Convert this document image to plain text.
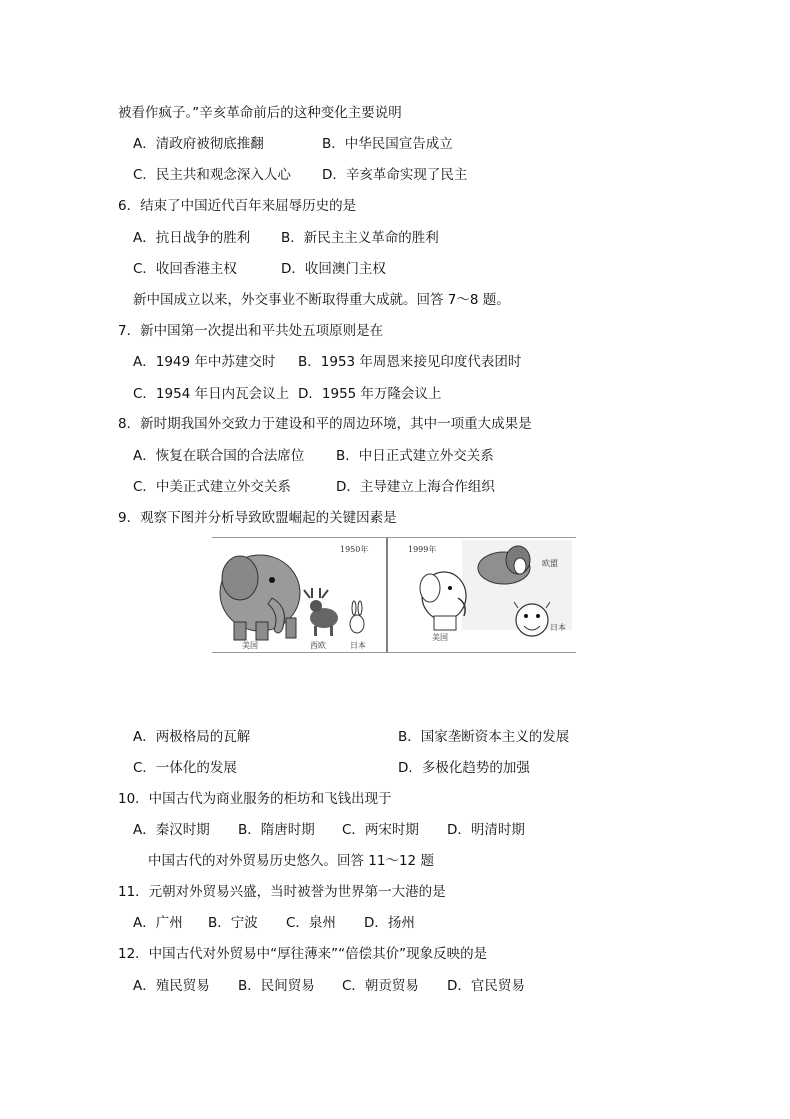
被看作疯子。”辛亥革命前后的这种变化主要说明
A．清政府被彻底推翻	B．中华民国宣告成立
C．民主共和观念深入人心 D．辛亥革命实现了民主
6．结束了中国近代百年来屈辱历史的是
A．抗日战争的胜利 B．新民主主义革命的胜利
C．收回香港主权	D．收回澳门主权
新中国成立以来，外交事业不断取得重大成就。回答 7～8 题。
7．新中国第一次提出和平共处五项原则是在
A．1949 年中苏建交时 B．1953 年周恩来接见印度代表团时
C．1954 年日内瓦会议上 D．1955 年万隆会议上
8．新时期我国外交致力于建设和平的周边环境，其中一项重大成果是
A．恢复在联合国的合法席位 B．中日正式建立外交关系
C．中美正式建立外交关系	D．主导建立上海合作组织
9．观察下图并分析导致欧盟崛起的关键因素是
1950年	1999年
美国	西欧	日本
美国
欧盟
日本
A．两极格局的瓦解	B．国家垄断资本主义的发展
C．一体化的发展	D．多极化趋势的加强
10．中国古代为商业服务的柜坊和飞钱出现于
A．秦汉时期 B．隋唐时期 C．两宋时期 D．明清时期
中国古代的对外贸易历史悠久。回答 11～12 题
11．元朝对外贸易兴盛，当时被誉为世界第一大港的是
A．广州 B．宁波 C．泉州 D．扬州
12．中国古代对外贸易中“厚往薄来”“倍偿其价”现象反映的是
A．殖民贸易 B．民间贸易 C．朝贡贸易 D．官民贸易
